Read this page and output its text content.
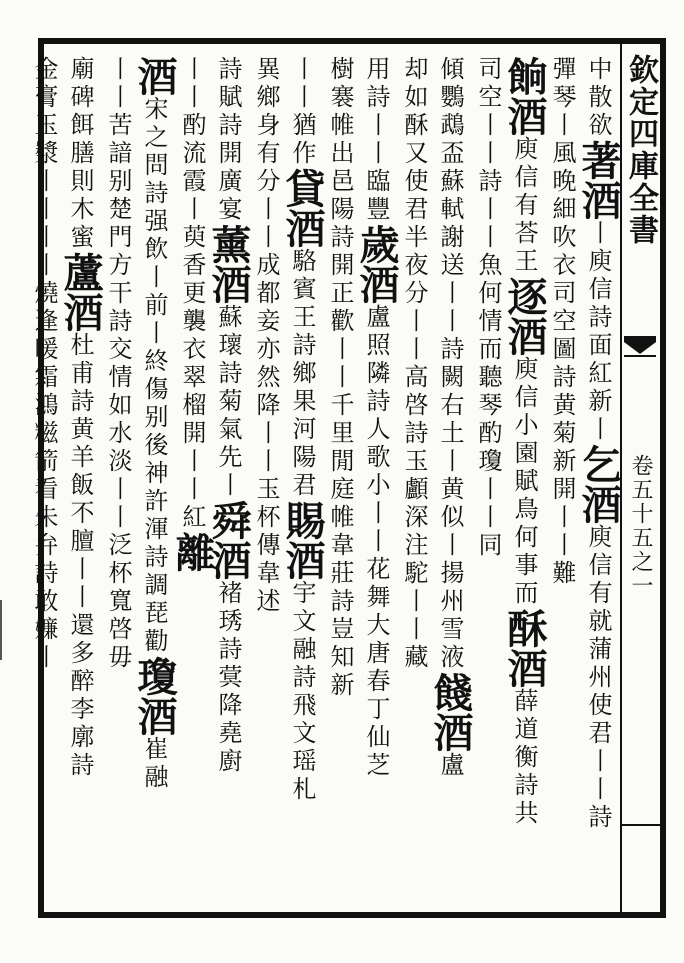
欽定四庫全書
卷五十五之一
中散欲著酒丨庾信詩面紅新丨乞酒庾信有就蒲州使君丨丨詩
彈琴丨風晚細吹衣司空圖詩黄菊新開丨丨難
餉酒庾信有荅王逐酒庾信小園賦鳥何事而酥酒薛道衡詩共
司空丨丨詩丨丨魚何情而聽琴酌瓊丨丨同
傾鸚鵡盃蘇軾謝送丨丨詩闕右土丨黄似丨揚州雪液餞酒盧
却如酥又使君半夜分丨丨高啓詩玉顱深注駝丨丨藏
用詩丨丨臨豐歲酒盧照隣詩人歌小丨丨花舞大唐春丁仙芝
樹褰帷出邑陽詩開正歡丨丨千里閒庭帷韋莊詩豈知新
丨丨猶作貸酒駱賓王詩鄉果河陽君賜酒宇文融詩飛文瑶札
異鄉身有分丨丨成都妾亦然降丨丨玉杯傳韋述
詩賦詩開廣宴薰酒蘇瓌詩菊氣先丨舜酒褚琇詩蓂降堯廚
丨丨酌流霞丨萸香更襲衣翠榴開丨丨紅離
酒宋之問詩强飲丨前丨終傷别後神許渾詩調琵勸瓊酒崔融
丨丨苦諳别楚門方干詩交情如水淡丨丨泛杯寬啓毋
廟碑餌膳則木蜜蘆酒杜甫詩黄羊飯不膻丨丨還多醉李廓詩
金膏玉漿丨丨丨丨燒逢暖霜鴻糍箭看朱弁詩敢嬚丨
